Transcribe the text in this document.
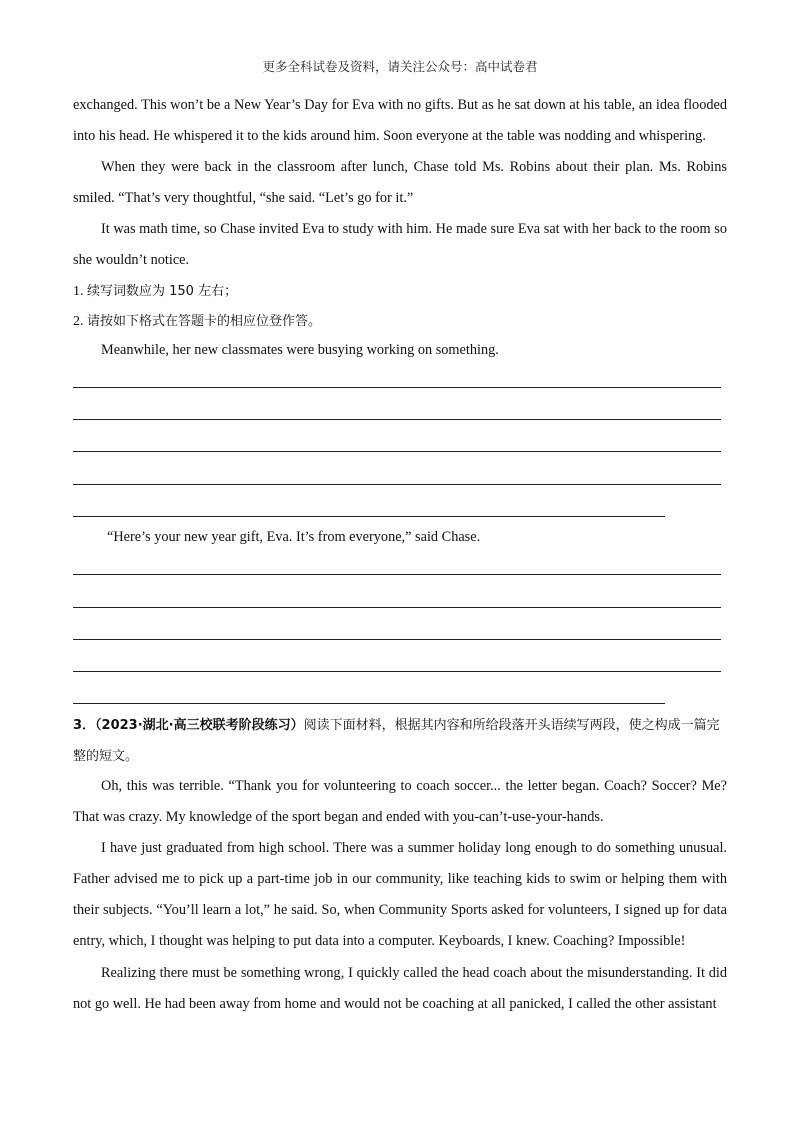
更多全科试卷及资料，请关注公众号：高中试卷君
exchanged. This won’t be a New Year’s Day for Eva with no gifts. But as he sat down at his table, an idea flooded into his head. He whispered it to the kids around him. Soon everyone at the table was nodding and whispering.
When they were back in the classroom after lunch, Chase told Ms. Robins about their plan. Ms. Robins smiled. “That’s very thoughtful, “she said. “Let’s go for it.”
It was math time, so Chase invited Eva to study with him. He made sure Eva sat with her back to the room so she wouldn’t notice.
1. 续写词数应为 150 左右；
2. 请按如下格式在答题卡的相应位登作答。
Meanwhile, her new classmates were busying working on something.
“Here’s your new year gift, Eva. It’s from everyone,” said Chase.
3．（2023·湖北·高三校联考阶段练习）阅读下面材料，根据其内容和所给段落开头语续写两段，使之构成一篇完整的短文。
Oh, this was terrible. “Thank you for volunteering to coach soccer... the letter began. Coach? Soccer? Me? That was crazy. My knowledge of the sport began and ended with you-can’t-use-your-hands.
I have just graduated from high school. There was a summer holiday long enough to do something unusual. Father advised me to pick up a part-time job in our community, like teaching kids to swim or helping them with their subjects. “You’ll learn a lot,” he said. So, when Community Sports asked for volunteers, I signed up for data entry, which, I thought was helping to put data into a computer. Keyboards, I knew. Coaching? Impossible!
Realizing there must be something wrong, I quickly called the head coach about the misunderstanding. It did not go well. He had been away from home and would not be coaching at all panicked, I called the other assistant
